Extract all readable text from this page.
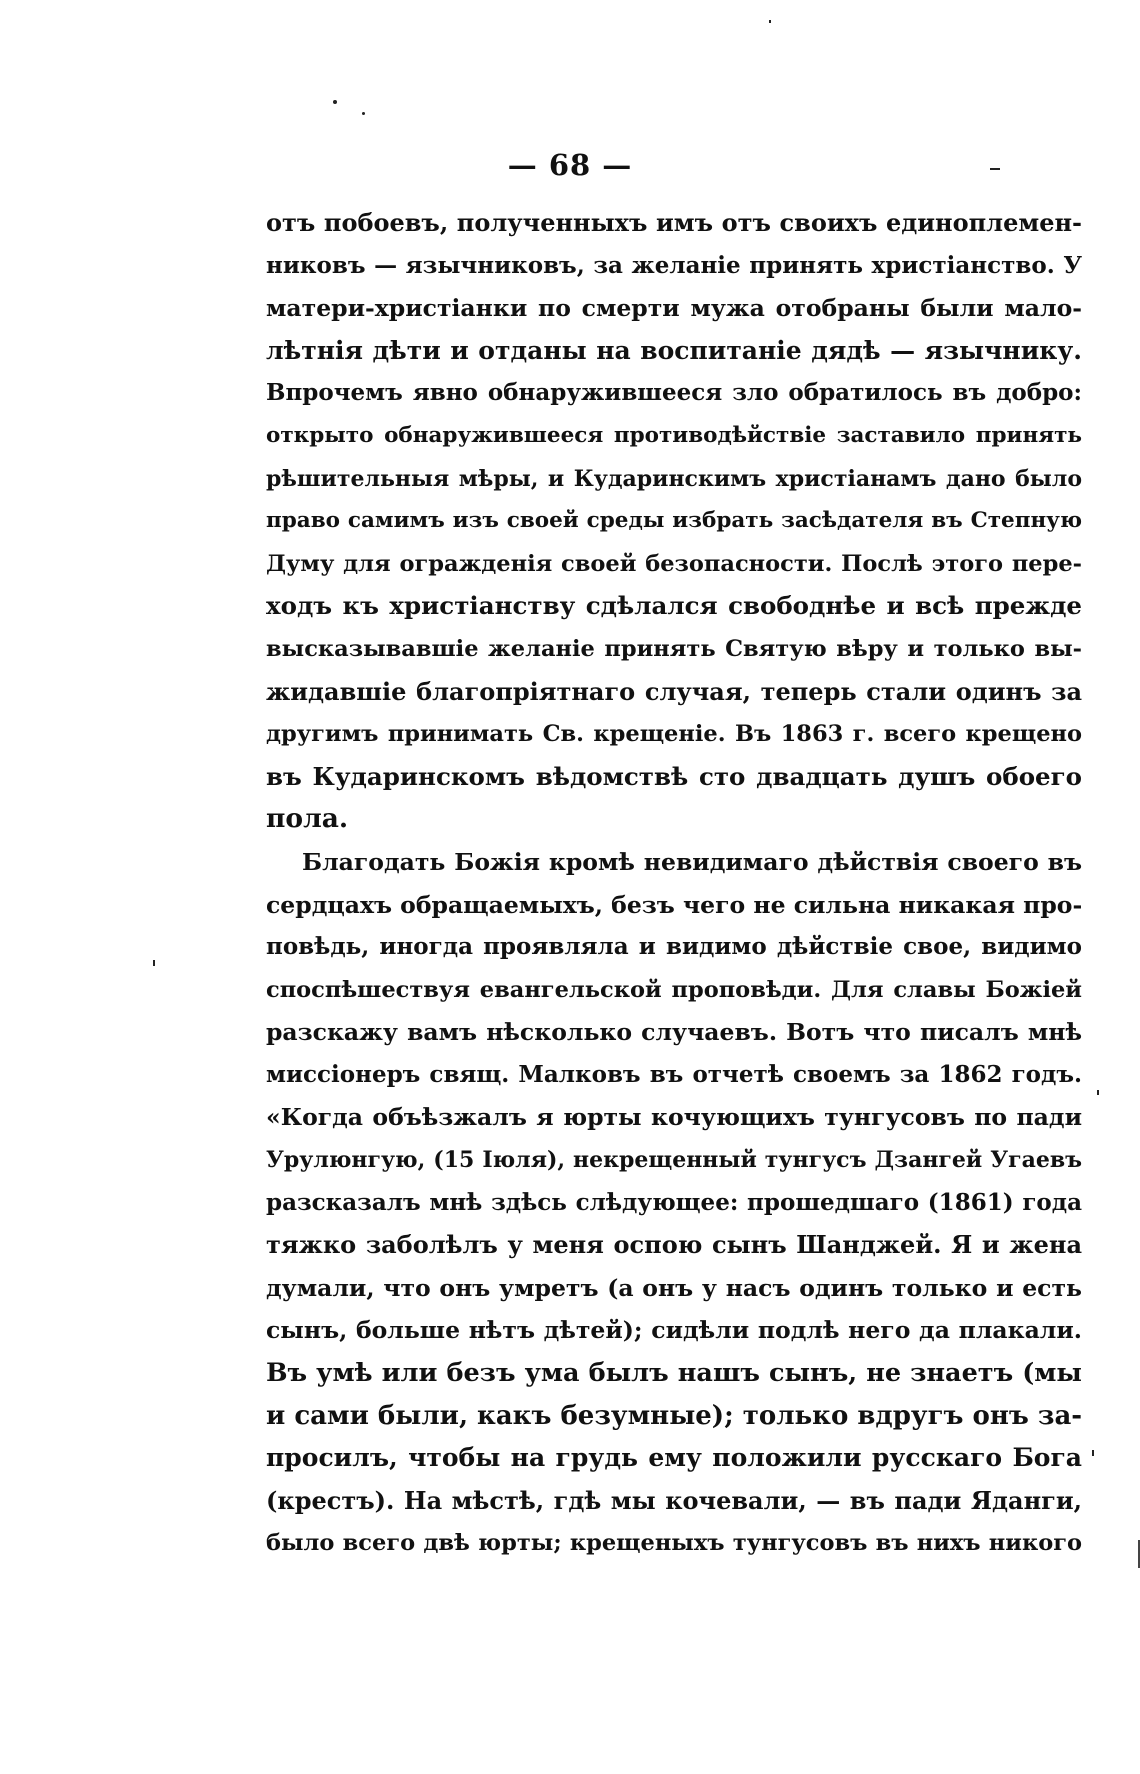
— 68 —
отъ побоевъ, полученныхъ имъ отъ своихъ единоплемен-
никовъ — язычниковъ, за желаніе принять христіанство. У
матери-христіанки по смерти мужа отобраны были мало-
лѣтнія дѣти и отданы на воспитаніе дядѣ — язычнику.
Впрочемъ явно обнаружившееся зло обратилось въ добро:
открыто обнаружившееся противодѣйствіе заставило принять
рѣшительныя мѣры, и Кударинскимъ христіанамъ дано было
право самимъ изъ своей среды избрать засѣдателя въ Степную
Думу для огражденія своей безопасности. Послѣ этого пере-
ходъ къ христіанству сдѣлался свободнѣе и всѣ прежде
высказывавшіе желаніе принять Святую вѣру и только вы-
жидавшіе благопріятнаго случая, теперь стали одинъ за
другимъ принимать Св. крещеніе. Въ 1863 г. всего крещено
въ Кударинскомъ вѣдомствѣ сто двадцать душъ обоего
пола.
Благодать Божія кромѣ невидимаго дѣйствія своего въ
сердцахъ обращаемыхъ, безъ чего не сильна никакая про-
повѣдь, иногда проявляла и видимо дѣйствіе свое, видимо
споспѣшествуя евангельской проповѣди. Для славы Божіей
разскажу вамъ нѣсколько случаевъ. Вотъ что писалъ мнѣ
миссіонеръ свящ. Малковъ въ отчетѣ своемъ за 1862 годъ.
«Когда объѣзжалъ я юрты кочующихъ тунгусовъ по пади
Урулюнгую, (15 Іюля), некрещенный тунгусъ Дзангей Угаевъ
разсказалъ мнѣ здѣсь слѣдующее: прошедшаго (1861) года
тяжко заболѣлъ у меня оспою сынъ Шанджей. Я и жена
думали, что онъ умретъ (а онъ у насъ одинъ только и есть
сынъ, больше нѣтъ дѣтей); сидѣли подлѣ него да плакали.
Въ умѣ или безъ ума былъ нашъ сынъ, не знаетъ (мы
и сами были, какъ безумные); только вдругъ онъ за-
просилъ, чтобы на грудь ему положили русскаго Бога
(крестъ). На мѣстѣ, гдѣ мы кочевали, — въ пади Яданги,
было всего двѣ юрты; крещеныхъ тунгусовъ въ нихъ никого
